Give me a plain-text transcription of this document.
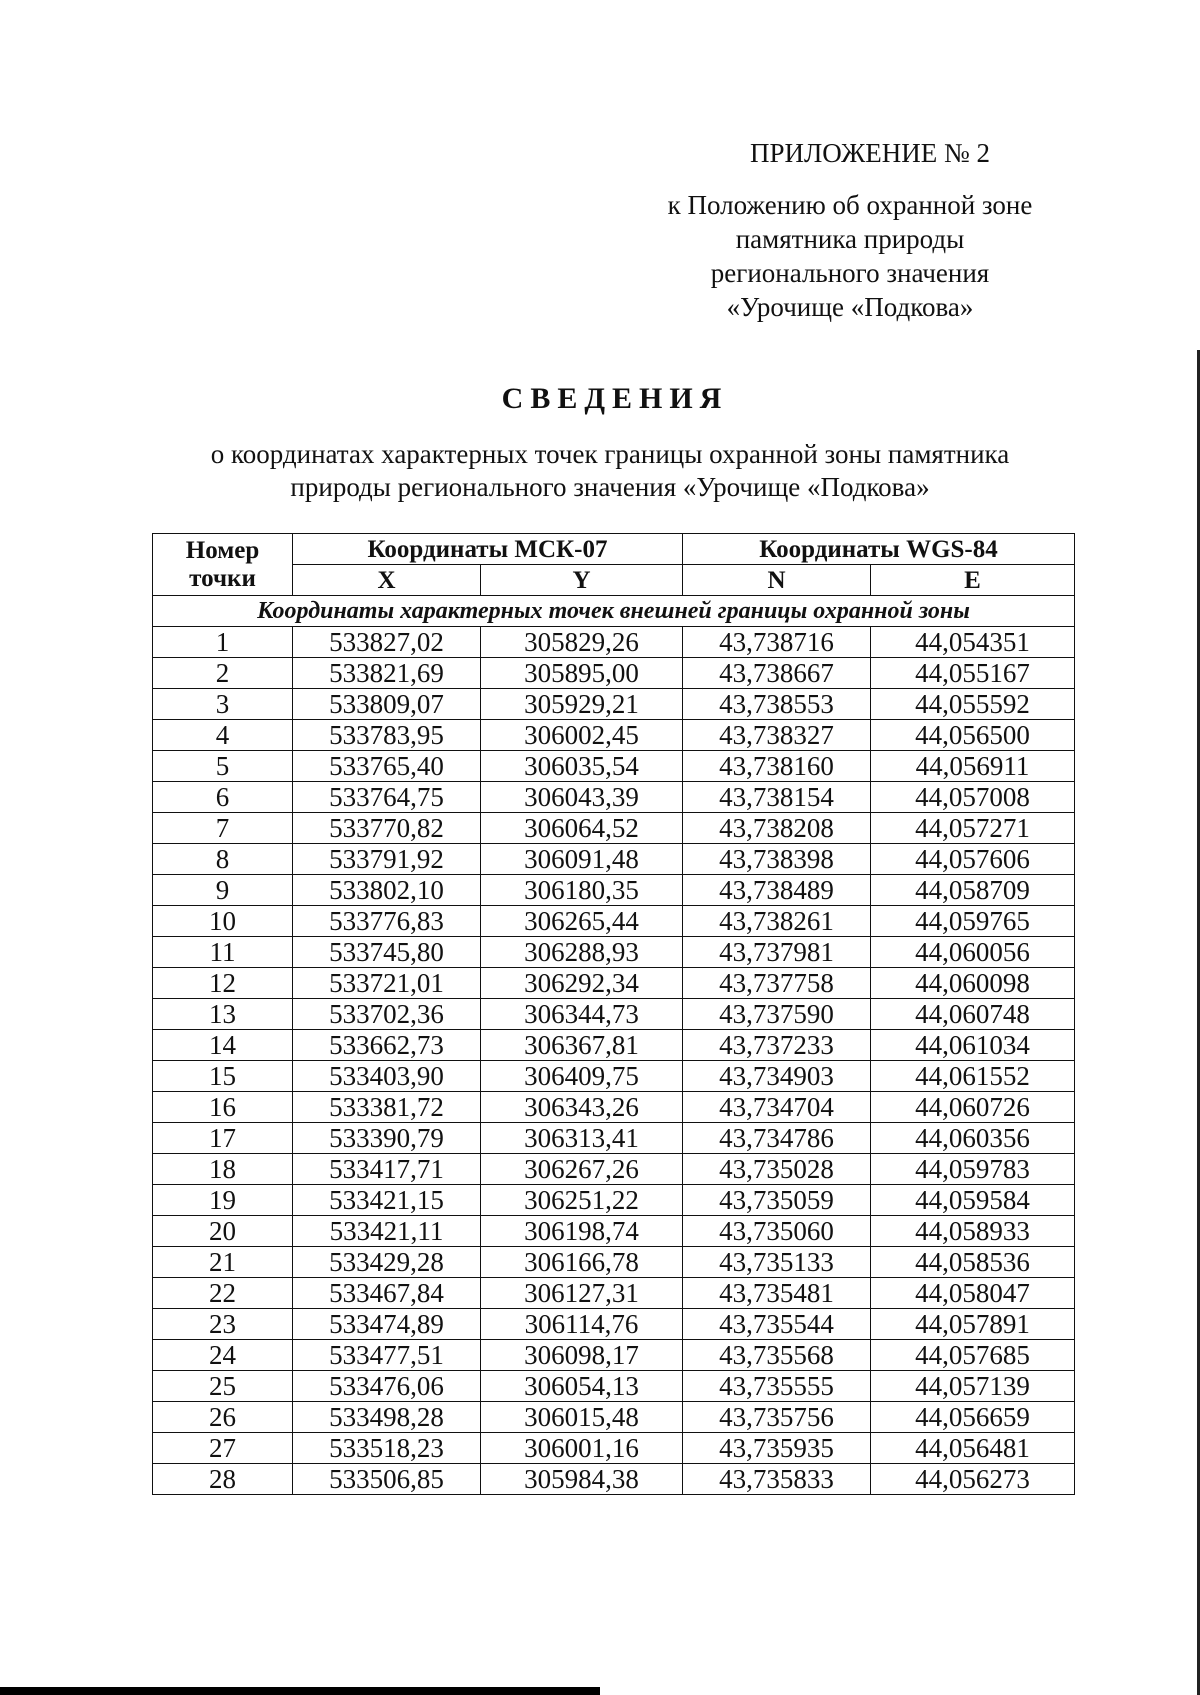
ПРИЛОЖЕНИЕ № 2
к Положению об охранной зоне
памятника природы
регионального значения
«Урочище «Подкова»
СВЕДЕНИЯ
о координатах характерных точек границы охранной зоны памятника
природы регионального значения «Урочище «Подкова»
Номер
точки	Координаты МСК-07		Координаты WGS-84	
	X	Y	N	E
Координаты характерных точек внешней границы охранной зоны				
1	533827,02	305829,26	43,738716	44,054351
2	533821,69	305895,00	43,738667	44,055167
3	533809,07	305929,21	43,738553	44,055592
4	533783,95	306002,45	43,738327	44,056500
5	533765,40	306035,54	43,738160	44,056911
6	533764,75	306043,39	43,738154	44,057008
7	533770,82	306064,52	43,738208	44,057271
8	533791,92	306091,48	43,738398	44,057606
9	533802,10	306180,35	43,738489	44,058709
10	533776,83	306265,44	43,738261	44,059765
11	533745,80	306288,93	43,737981	44,060056
12	533721,01	306292,34	43,737758	44,060098
13	533702,36	306344,73	43,737590	44,060748
14	533662,73	306367,81	43,737233	44,061034
15	533403,90	306409,75	43,734903	44,061552
16	533381,72	306343,26	43,734704	44,060726
17	533390,79	306313,41	43,734786	44,060356
18	533417,71	306267,26	43,735028	44,059783
19	533421,15	306251,22	43,735059	44,059584
20	533421,11	306198,74	43,735060	44,058933
21	533429,28	306166,78	43,735133	44,058536
22	533467,84	306127,31	43,735481	44,058047
23	533474,89	306114,76	43,735544	44,057891
24	533477,51	306098,17	43,735568	44,057685
25	533476,06	306054,13	43,735555	44,057139
26	533498,28	306015,48	43,735756	44,056659
27	533518,23	306001,16	43,735935	44,056481
28	533506,85	305984,38	43,735833	44,056273
